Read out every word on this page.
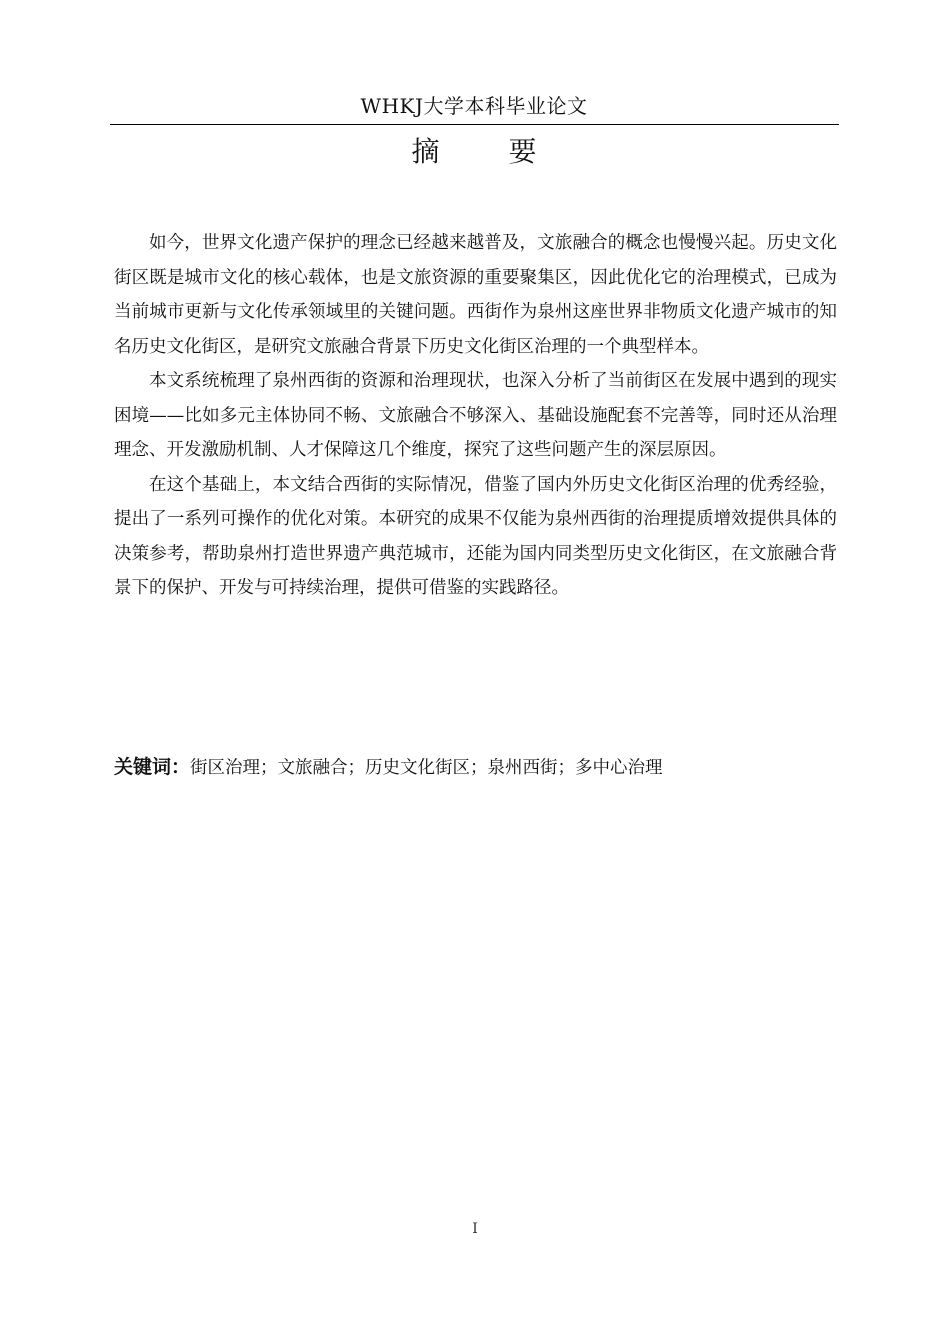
WHKJ大学本科毕业论文
摘 要

如今，世界文化遗产保护的理念已经越来越普及，文旅融合的概念也慢慢兴起。历史文化街区既是城市文化的核心载体，也是文旅资源的重要聚集区，因此优化它的治理模式，已成为当前城市更新与文化传承领域里的关键问题。西街作为泉州这座世界非物质文化遗产城市的知名历史文化街区，是研究文旅融合背景下历史文化街区治理的一个典型样本。

本文系统梳理了泉州西街的资源和治理现状，也深入分析了当前街区在发展中遇到的现实困境——比如多元主体协同不畅、文旅融合不够深入、基础设施配套不完善等，同时还从治理理念、开发激励机制、人才保障这几个维度，探究了这些问题产生的深层原因。

在这个基础上，本文结合西街的实际情况，借鉴了国内外历史文化街区治理的优秀经验，提出了一系列可操作的优化对策。本研究的成果不仅能为泉州西街的治理提质增效提供具体的决策参考，帮助泉州打造世界遗产典范城市，还能为国内同类型历史文化街区，在文旅融合背景下的保护、开发与可持续治理，提供可借鉴的实践路径。

关键词：街区治理；文旅融合；历史文化街区；泉州西街；多中心治理
I
